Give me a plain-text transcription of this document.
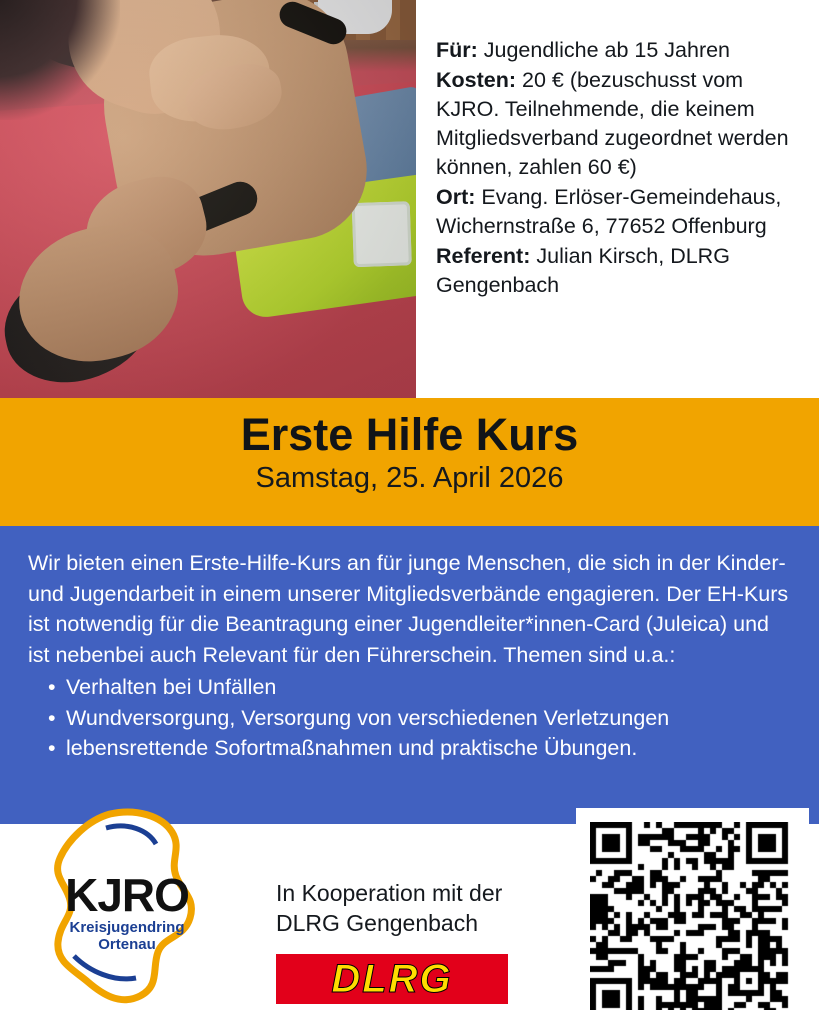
Für: Jugendliche ab 15 Jahren

Kosten: 20 € (bezuschusst vom KJRO. Teilnehmende, die keinem Mitgliedsverband zugeordnet werden können, zahlen 60 €)

Ort: Evang. Erlöser-Gemeindehaus, Wichernstraße 6, 77652 Offenburg

Referent: Julian Kirsch, DLRG Gengenbach

Erste Hilfe Kurs
Samstag, 25. April 2026
Wir bieten einen Erste-Hilfe-Kurs an für junge Menschen, die sich in der Kinder- und Jugendarbeit in einem unserer Mitgliedsverbände engagieren. Der EH-Kurs ist notwendig für die Beantragung einer Jugendleiter*innen-Card (Juleica) und ist nebenbei auch Relevant für den Führerschein. Themen sind u.a.:
• Verhalten bei Unfällen
• Wundversorgung, Versorgung von verschiedenen Verletzungen
• lebensrettende Sofortmaßnahmen und praktische Übungen.
KJRO
Kreisjugendring
Ortenau
In Kooperation mit der DLRG Gengenbach
DLRG
